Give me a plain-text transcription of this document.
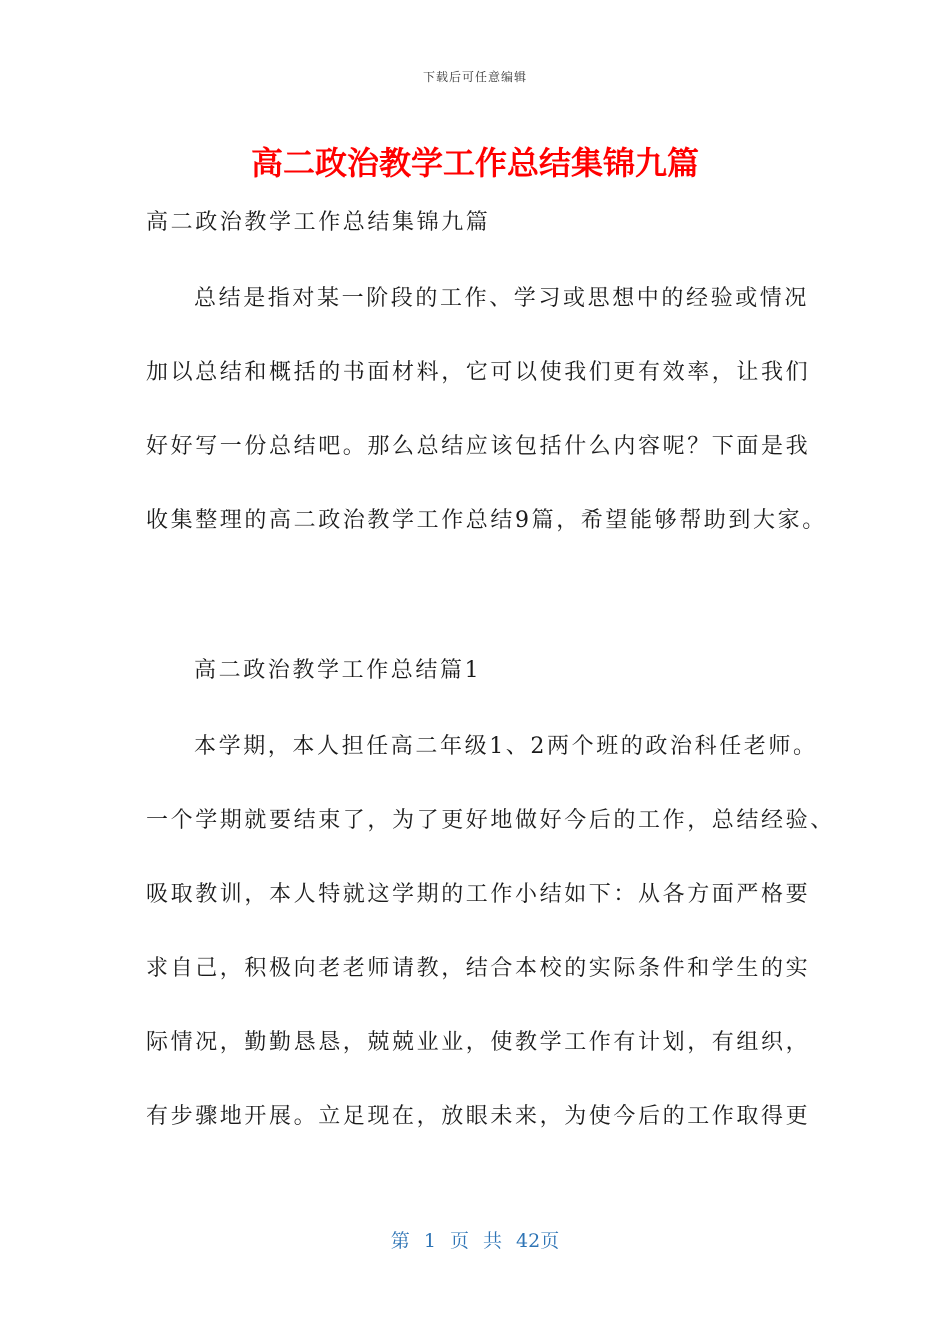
下载后可任意编辑
高二政治教学工作总结集锦九篇
高二政治教学工作总结集锦九篇
总结是指对某一阶段的工作、学习或思想中的经验或情况
加以总结和概括的书面材料，它可以使我们更有效率，让我们
好好写一份总结吧。那么总结应该包括什么内容呢？下面是我
收集整理的高二政治教学工作总结9篇，希望能够帮助到大家。
高二政治教学工作总结篇1
本学期，本人担任高二年级1、2两个班的政治科任老师。
一个学期就要结束了，为了更好地做好今后的工作，总结经验、
吸取教训，本人特就这学期的工作小结如下：从各方面严格要
求自己，积极向老老师请教，结合本校的实际条件和学生的实
际情况，勤勤恳恳，兢兢业业，使教学工作有计划，有组织，
有步骤地开展。立足现在，放眼未来，为使今后的工作取得更
第 1 页 共 42页
